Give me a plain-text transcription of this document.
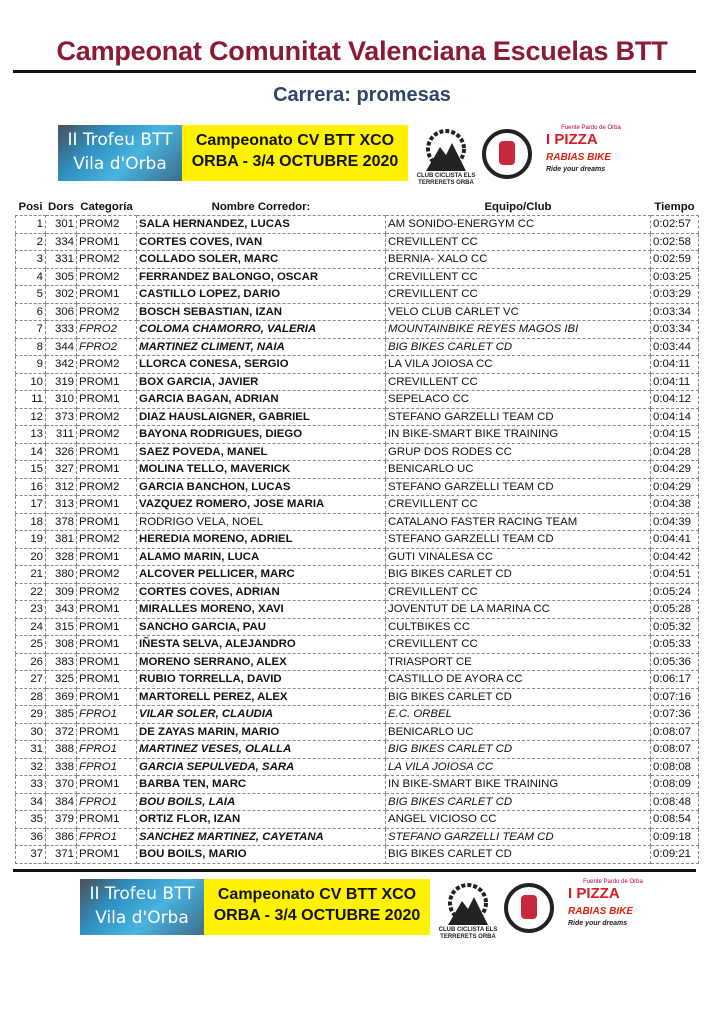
Campeonat Comunitat Valenciana Escuelas BTT
Carrera: promesas
II Trofeu BTT
Vila d'Orba
Campeonato CV BTT XCO
ORBA - 3/4 OCTUBRE 2020
CLUB CICLISTA ELS TERRERETS ORBA
Fuente Pardo de Orba
I PIZZA
RABIAS BIKE
Ride your dreams
Posi	Dors	Categoría	Nombre Corredor:	Equipo/Club	Tiempo
1	301	PROM2	SALA HERNANDEZ, LUCAS	AM SONIDO-ENERGYM CC	0:02:57
2	334	PROM1	CORTES COVES, IVAN	CREVILLENT CC	0:02:58
3	331	PROM2	COLLADO SOLER, MARC	BERNIA- XALO CC	0:02:59
4	305	PROM2	FERRANDEZ BALONGO, OSCAR	CREVILLENT CC	0:03:25
5	302	PROM1	CASTILLO LOPEZ, DARIO	CREVILLENT CC	0:03:29
6	306	PROM2	BOSCH SEBASTIAN, IZAN	VELO CLUB CARLET VC	0:03:34
7	333	FPRO2	COLOMA CHAMORRO, VALERIA	MOUNTAINBIKE REYES MAGOS IBI	0:03:34
8	344	FPRO2	MARTINEZ CLIMENT, NAIA	BIG BIKES CARLET CD	0:03:44
9	342	PROM2	LLORCA CONESA, SERGIO	LA VILA JOIOSA CC	0:04:11
10	319	PROM1	BOX GARCIA, JAVIER	CREVILLENT CC	0:04:11
11	310	PROM1	GARCIA BAGAN, ADRIAN	SEPELACO CC	0:04:12
12	373	PROM2	DIAZ HAUSLAIGNER, GABRIEL	STEFANO GARZELLI TEAM CD	0:04:14
13	311	PROM2	BAYONA RODRIGUES, DIEGO	IN BIKE-SMART BIKE TRAINING	0:04:15
14	326	PROM1	SAEZ POVEDA, MANEL	GRUP DOS RODES CC	0:04:28
15	327	PROM1	MOLINA TELLO, MAVERICK	BENICARLO UC	0:04:29
16	312	PROM2	GARCIA BANCHON, LUCAS	STEFANO GARZELLI TEAM CD	0:04:29
17	313	PROM1	VAZQUEZ ROMERO, JOSE MARIA	CREVILLENT CC	0:04:38
18	378	PROM1	RODRIGO VELA, NOEL	CATALANO FASTER RACING TEAM	0:04:39
19	381	PROM2	HEREDIA MORENO, ADRIEL	STEFANO GARZELLI TEAM CD	0:04:41
20	328	PROM1	ALAMO MARIN, LUCA	GUTI VINALESA CC	0:04:42
21	380	PROM2	ALCOVER PELLICER, MARC	BIG BIKES CARLET CD	0:04:51
22	309	PROM2	CORTES COVES, ADRIAN	CREVILLENT CC	0:05:24
23	343	PROM1	MIRALLES MORENO, XAVI	JOVENTUT DE LA MARINA CC	0:05:28
24	315	PROM1	SANCHO GARCIA, PAU	CULTBIKES CC	0:05:32
25	308	PROM1	IÑESTA SELVA, ALEJANDRO	CREVILLENT CC	0:05:33
26	383	PROM1	MORENO SERRANO, ALEX	TRIASPORT CE	0:05:36
27	325	PROM1	RUBIO TORRELLA, DAVID	CASTILLO DE AYORA CC	0:06:17
28	369	PROM1	MARTORELL PEREZ, ALEX	BIG BIKES CARLET CD	0:07:16
29	385	FPRO1	VILAR SOLER, CLAUDIA	E.C. ORBEL	0:07:36
30	372	PROM1	DE ZAYAS MARIN, MARIO	BENICARLO UC	0:08:07
31	388	FPRO1	MARTINEZ VESES, OLALLA	BIG BIKES CARLET CD	0:08:07
32	338	FPRO1	GARCIA SEPULVEDA, SARA	LA VILA JOIOSA CC	0:08:08
33	370	PROM1	BARBA TEN, MARC	IN BIKE-SMART BIKE TRAINING	0:08:09
34	384	FPRO1	BOU BOILS, LAIA	BIG BIKES CARLET CD	0:08:48
35	379	PROM1	ORTIZ FLOR, IZAN	ANGEL VICIOSO CC	0:08:54
36	386	FPRO1	SANCHEZ MARTINEZ, CAYETANA	STEFANO GARZELLI TEAM CD	0:09:18
37	371	PROM1	BOU BOILS, MARIO	BIG BIKES CARLET CD	0:09:21
II Trofeu BTT
Vila d'Orba
Campeonato CV BTT XCO
ORBA - 3/4 OCTUBRE 2020
CLUB CICLISTA ELS TERRERETS ORBA
Fuente Pardo de Orba
I PIZZA
RABIAS BIKE
Ride your dreams
